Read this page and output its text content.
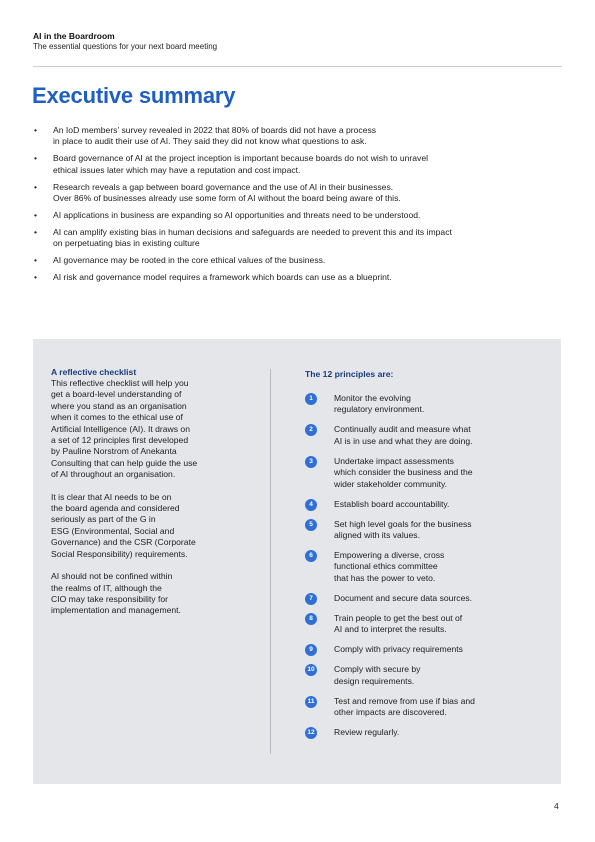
AI in the Boardroom
The essential questions for your next board meeting
Executive summary
• An IoD members’ survey revealed in 2022 that 80% of boards did not have a process
in place to audit their use of AI. They said they did not know what questions to ask.
• Board governance of AI at the project inception is important because boards do not wish to unravel
ethical issues later which may have a reputation and cost impact.
• Research reveals a gap between board governance and the use of AI in their businesses.
Over 86% of businesses already use some form of AI without the board being aware of this.
• AI applications in business are expanding so AI opportunities and threats need to be understood.
• AI can amplify existing bias in human decisions and safeguards are needed to prevent this and its impact
on perpetuating bias in existing culture
• AI governance may be rooted in the core ethical values of the business.
• AI risk and governance model requires a framework which boards can use as a blueprint.
A reflective checklist

This reflective checklist will help you
get a board-level understanding of
where you stand as an organisation
when it comes to the ethical use of
Artificial Intelligence (AI). It draws on
a set of 12 principles first developed
by Pauline Norstrom of Anekanta
Consulting that can help guide the use
of AI throughout an organisation.

It is clear that AI needs to be on
the board agenda and considered
seriously as part of the G in
ESG (Environmental, Social and
Governance) and the CSR (Corporate
Social Responsibility) requirements.

AI should not be confined within
the realms of IT, although the
CIO may take responsibility for
implementation and management.

The 12 principles are:
1	Monitor the evolving
regulatory environment.
2	Continually audit and measure what
AI is in use and what they are doing.
3	Undertake impact assessments
which consider the business and the
wider stakeholder community.
4	Establish board accountability.
5	Set high level goals for the business
aligned with its values.
6	Empowering a diverse, cross
functional ethics committee
that has the power to veto.
7	Document and secure data sources.
8	Train people to get the best out of
AI and to interpret the results.
9	Comply with privacy requirements
10 Comply with secure by
design requirements.
11 Test and remove from use if bias and
other impacts are discovered.
12 Review regularly.
4
